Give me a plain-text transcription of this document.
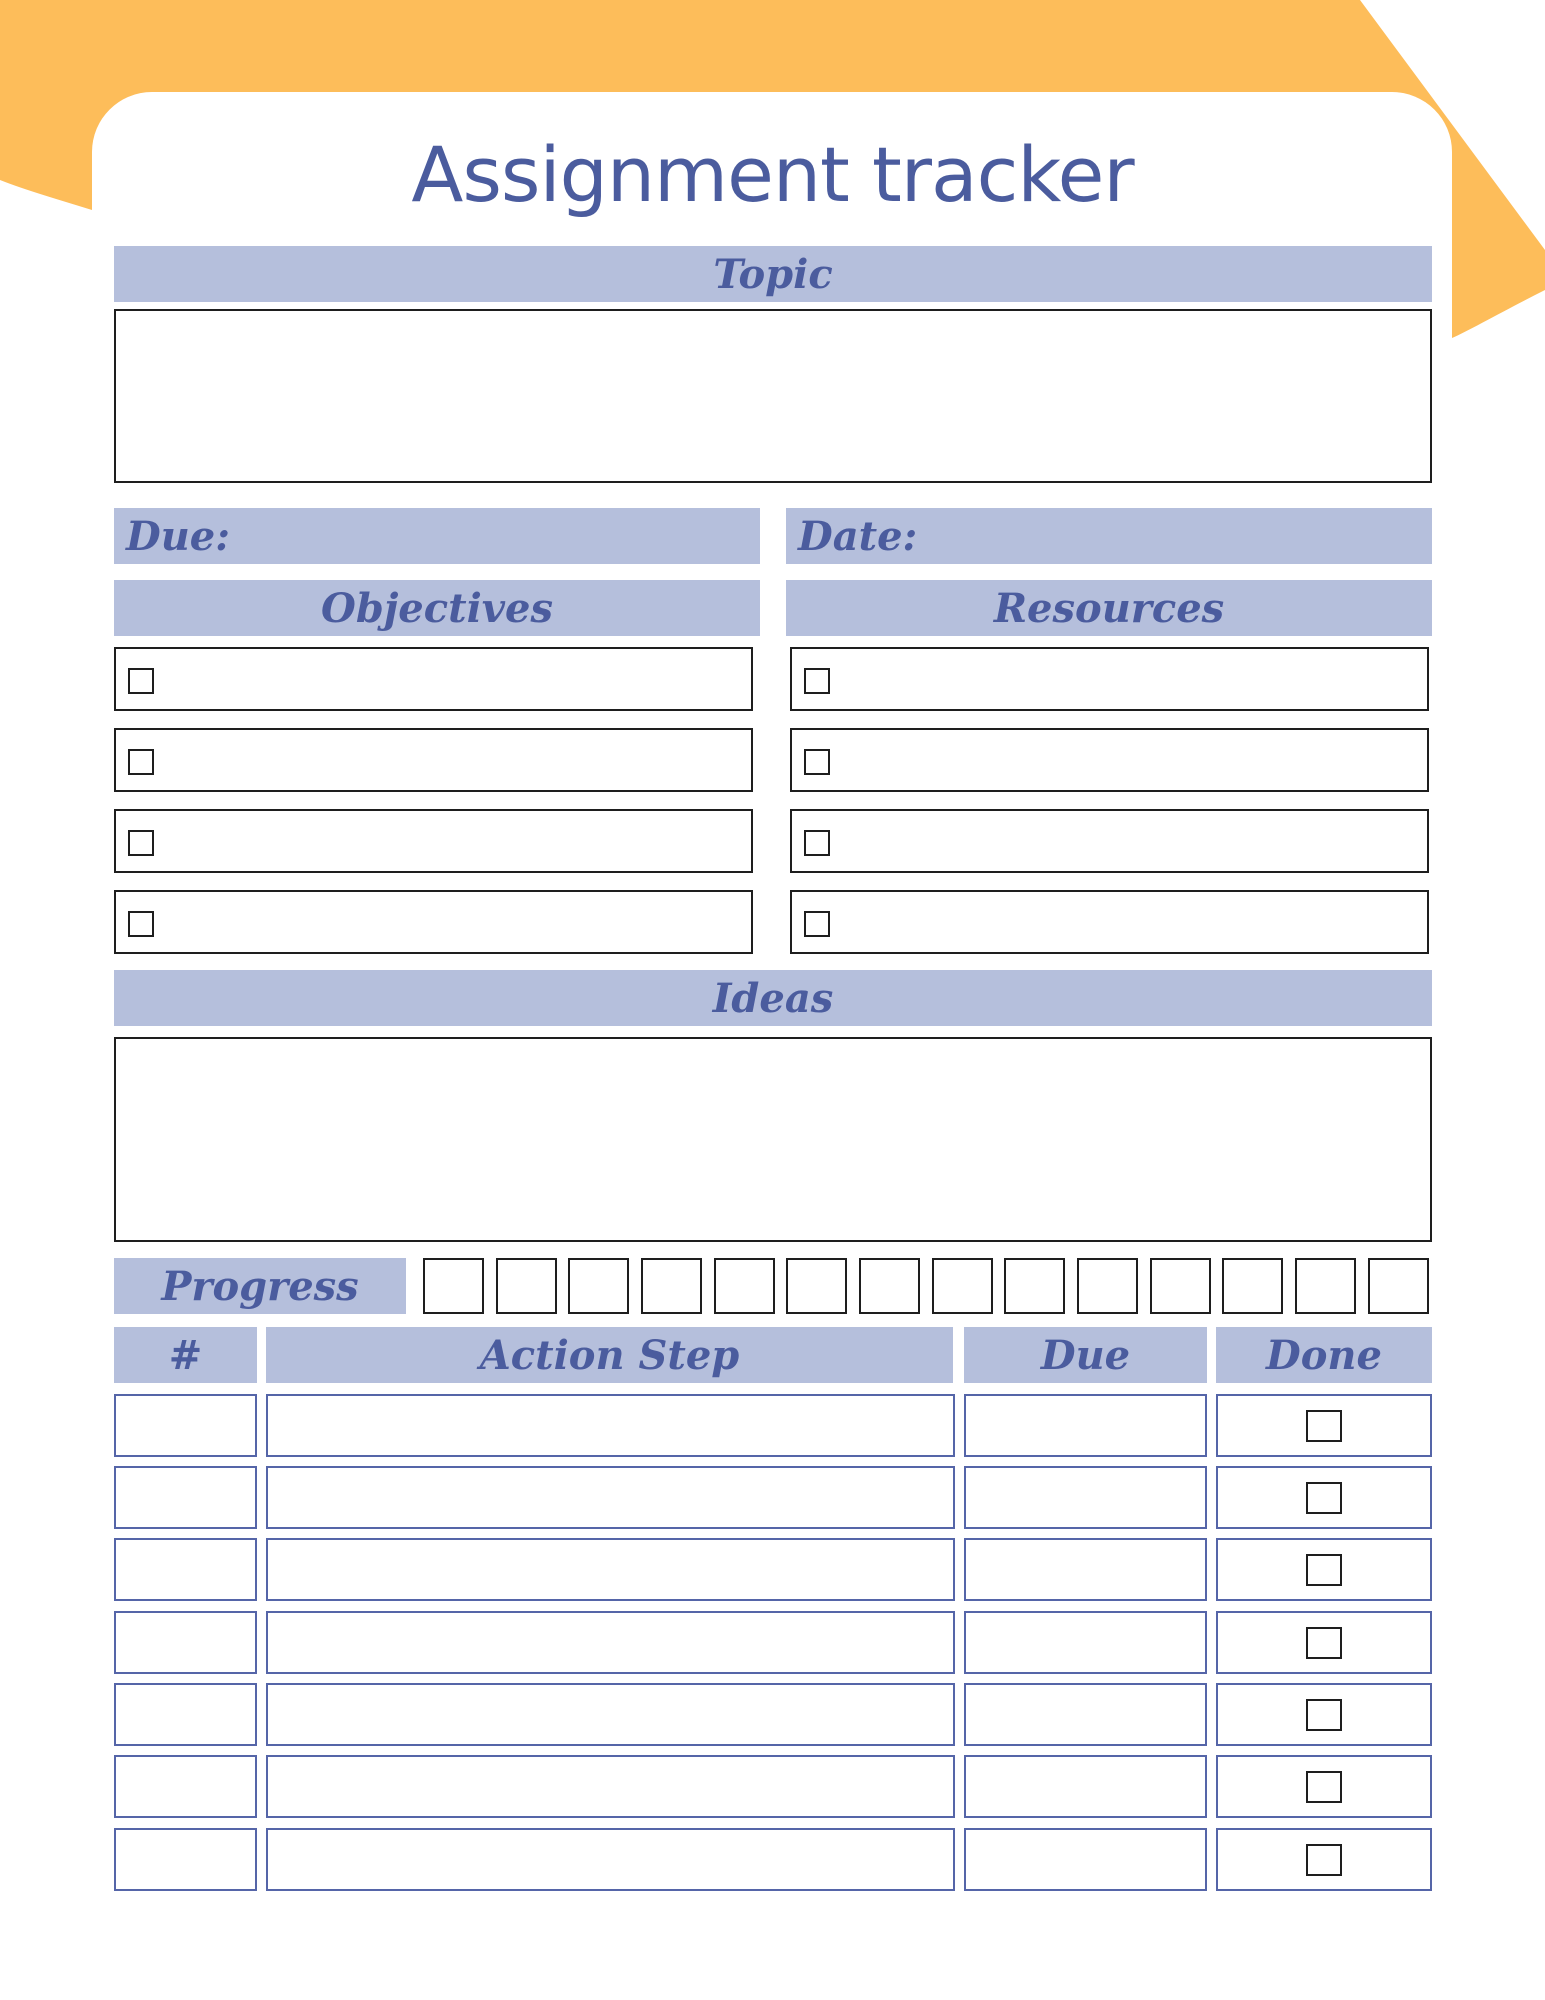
Assignment tracker
Topic
Due:	Date:
Objectives	Resources
Ideas
Progress
#	Action Step	Due	Done
